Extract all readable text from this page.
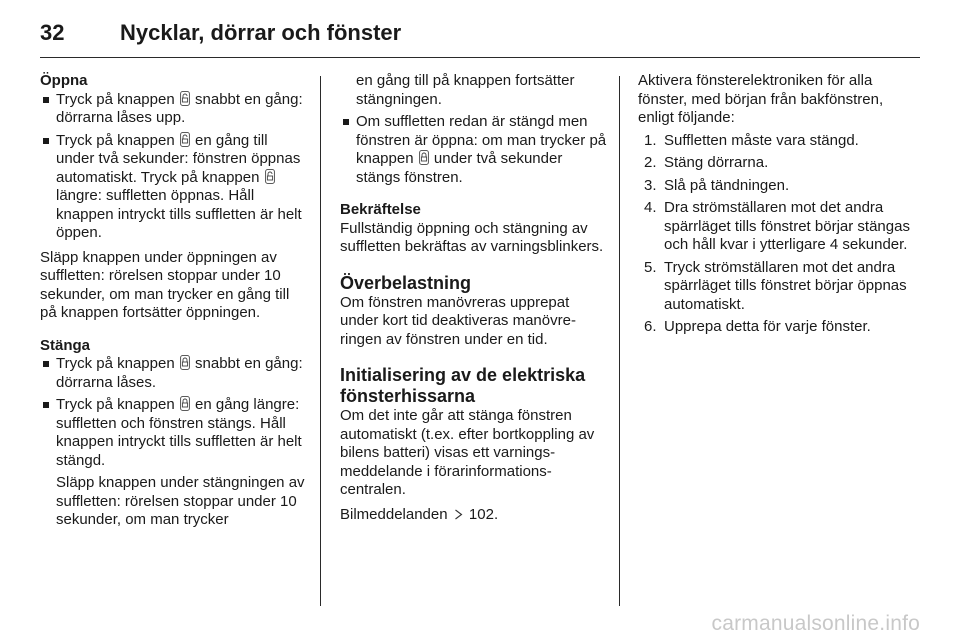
32	Nycklar, dörrar och fönster
Öppna
Tryck på knappen snabbt en gång: dörrarna låses upp.
Tryck på knappen en gång till under två sekunder: fönstren öppnas automatiskt. Tryck på knappen
längre: suffletten öppnas. Håll knappen intryckt tills suffletten är helt öppen.

Släpp knappen under öppningen av suffletten: rörelsen stoppar under 10 sekunder, om man trycker en gång till på knappen fortsätter öppningen.

Stänga
Tryck på knappen snabbt en gång: dörrarna låses.
Tryck på knappen en gång längre: suffletten och fönstren stängs. Håll knappen intryckt tills suffletten är helt stängd.

Släpp knappen under stängningen av suffletten: rörelsen stoppar under 10 sekunder, om man trycker

en gång till på knappen fortsätter stängningen.

Om suffletten redan är stängd men fönstren är öppna: om man trycker på knappen under två sekunder stängs fönstren.
Bekräftelse

Fullständig öppning och stängning av suffletten bekräftas av varningsblinkers.

Överbelastning

Om fönstren manövreras upprepat under kort tid deaktiveras manövreringen av fönstren under en tid.

Initialisering av de elektriska fönsterhissarna

Om det inte går att stänga fönstren automatiskt (t.ex. efter bortkoppling av bilens batteri) visas ett varningsmeddelande i förarinformationscentralen.

Bilmeddelanden 102.

Aktivera fönsterelektroniken för alla fönster, med början från bakfönstren, enligt följande:

1. Suffletten måste vara stängd.
2. Stäng dörrarna.
3. Slå på tändningen.
4. Dra strömställaren mot det andra spärrläget tills fönstret börjar stängas och håll kvar i ytterligare 4 sekunder.
5. Tryck strömställaren mot det andra spärrläget tills fönstret börjar öppnas automatiskt.
6. Upprepa detta för varje fönster.
carmanualsonline.info
